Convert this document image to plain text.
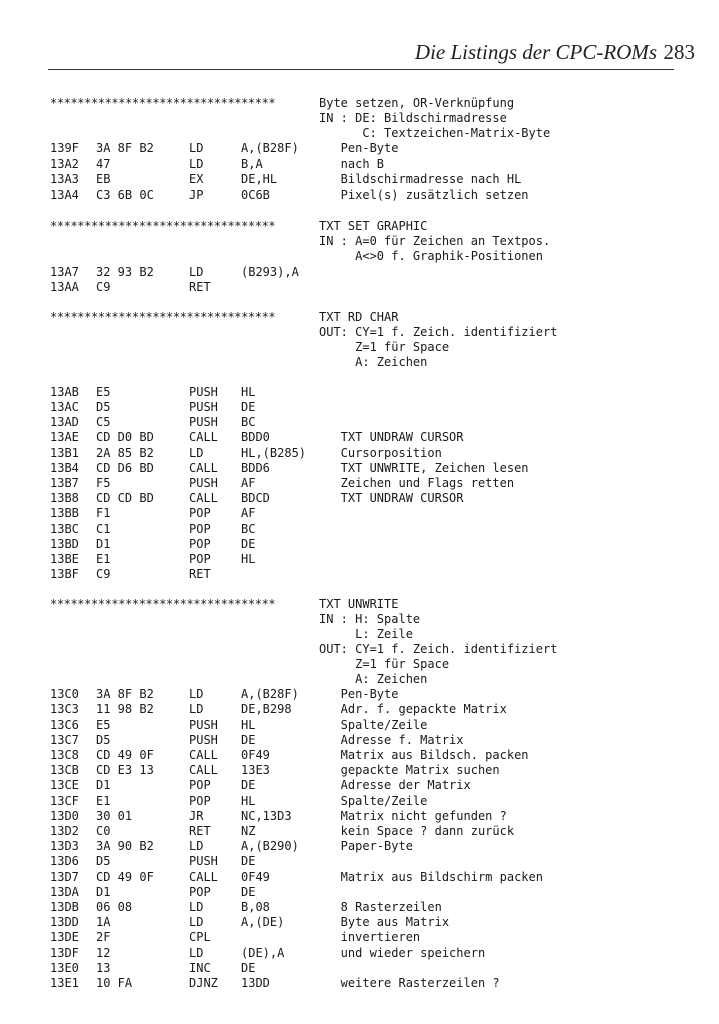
Die Listings der CPC-ROMs 283
*********************************	Byte setzen, OR-Verknüpfung
IN : DE: Bildschirmadresse
C: Textzeichen-Matrix-Byte
139F 3A 8F B2	LD	A,(B28F) Pen-Byte
13A2 47	LD	B,A	nach B
13A3 EB	EX	DE,HL	Bildschirmadresse nach HL
13A4 C3 6B 0C	JP	0C6B	Pixel(s) zusätzlich setzen
*********************************	TXT SET GRAPHIC
IN : A=0 für Zeichen an Textpos.
A<>0 f. Graphik-Positionen
13A7 32 93 B2	LD	(B293),A
13AA C9	RET
*********************************	TXT RD CHAR
OUT: CY=1 f. Zeich. identifiziert
Z=1 für Space
A: Zeichen
13AB E5	PUSH HL
13AC D5	PUSH DE
13AD C5	PUSH BC
13AE CD D0 BD	CALL BDD0	TXT UNDRAW CURSOR
13B1 2A 85 B2	LD	HL,(B285) Cursorposition
13B4 CD D6 BD	CALL BDD6	TXT UNWRITE, Zeichen lesen
13B7 F5	PUSH AF	Zeichen und Flags retten
13B8 CD CD BD	CALL BDCD	TXT UNDRAW CURSOR
13BB F1	POP	AF
13BC C1	POP	BC
13BD D1	POP	DE
13BE E1	POP	HL
13BF C9	RET
*********************************	TXT UNWRITE
IN : H: Spalte
L: Zeile
OUT: CY=1 f. Zeich. identifiziert
Z=1 für Space
A: Zeichen
13C0 3A 8F B2	LD	A,(B28F) Pen-Byte
13C3 11 98 B2	LD	DE,B298 Adr. f. gepackte Matrix
13C6 E5	PUSH HL	Spalte/Zeile
13C7 D5	PUSH DE	Adresse f. Matrix
13C8 CD 49 0F	CALL 0F49	Matrix aus Bildsch. packen
13CB CD E3 13	CALL 13E3	gepackte Matrix suchen
13CE D1	POP	DE	Adresse der Matrix
13CF E1	POP	HL	Spalte/Zeile
13D0 30 01	JR	NC,13D3 Matrix nicht gefunden ?
13D2 C0	RET	NZ	kein Space ? dann zurück
13D3 3A 90 B2	LD	A,(B290) Paper-Byte
13D6 D5	PUSH DE
13D7 CD 49 0F	CALL 0F49	Matrix aus Bildschirm packen
13DA D1	POP	DE
13DB 06 08	LD	B,08	8 Rasterzeilen
13DD 1A	LD	A,(DE)	Byte aus Matrix
13DE 2F	CPL	invertieren
13DF 12	LD	(DE),A	und wieder speichern
13E0 13	INC	DE
13E1 10 FA	DJNZ 13DD	weitere Rasterzeilen ?
